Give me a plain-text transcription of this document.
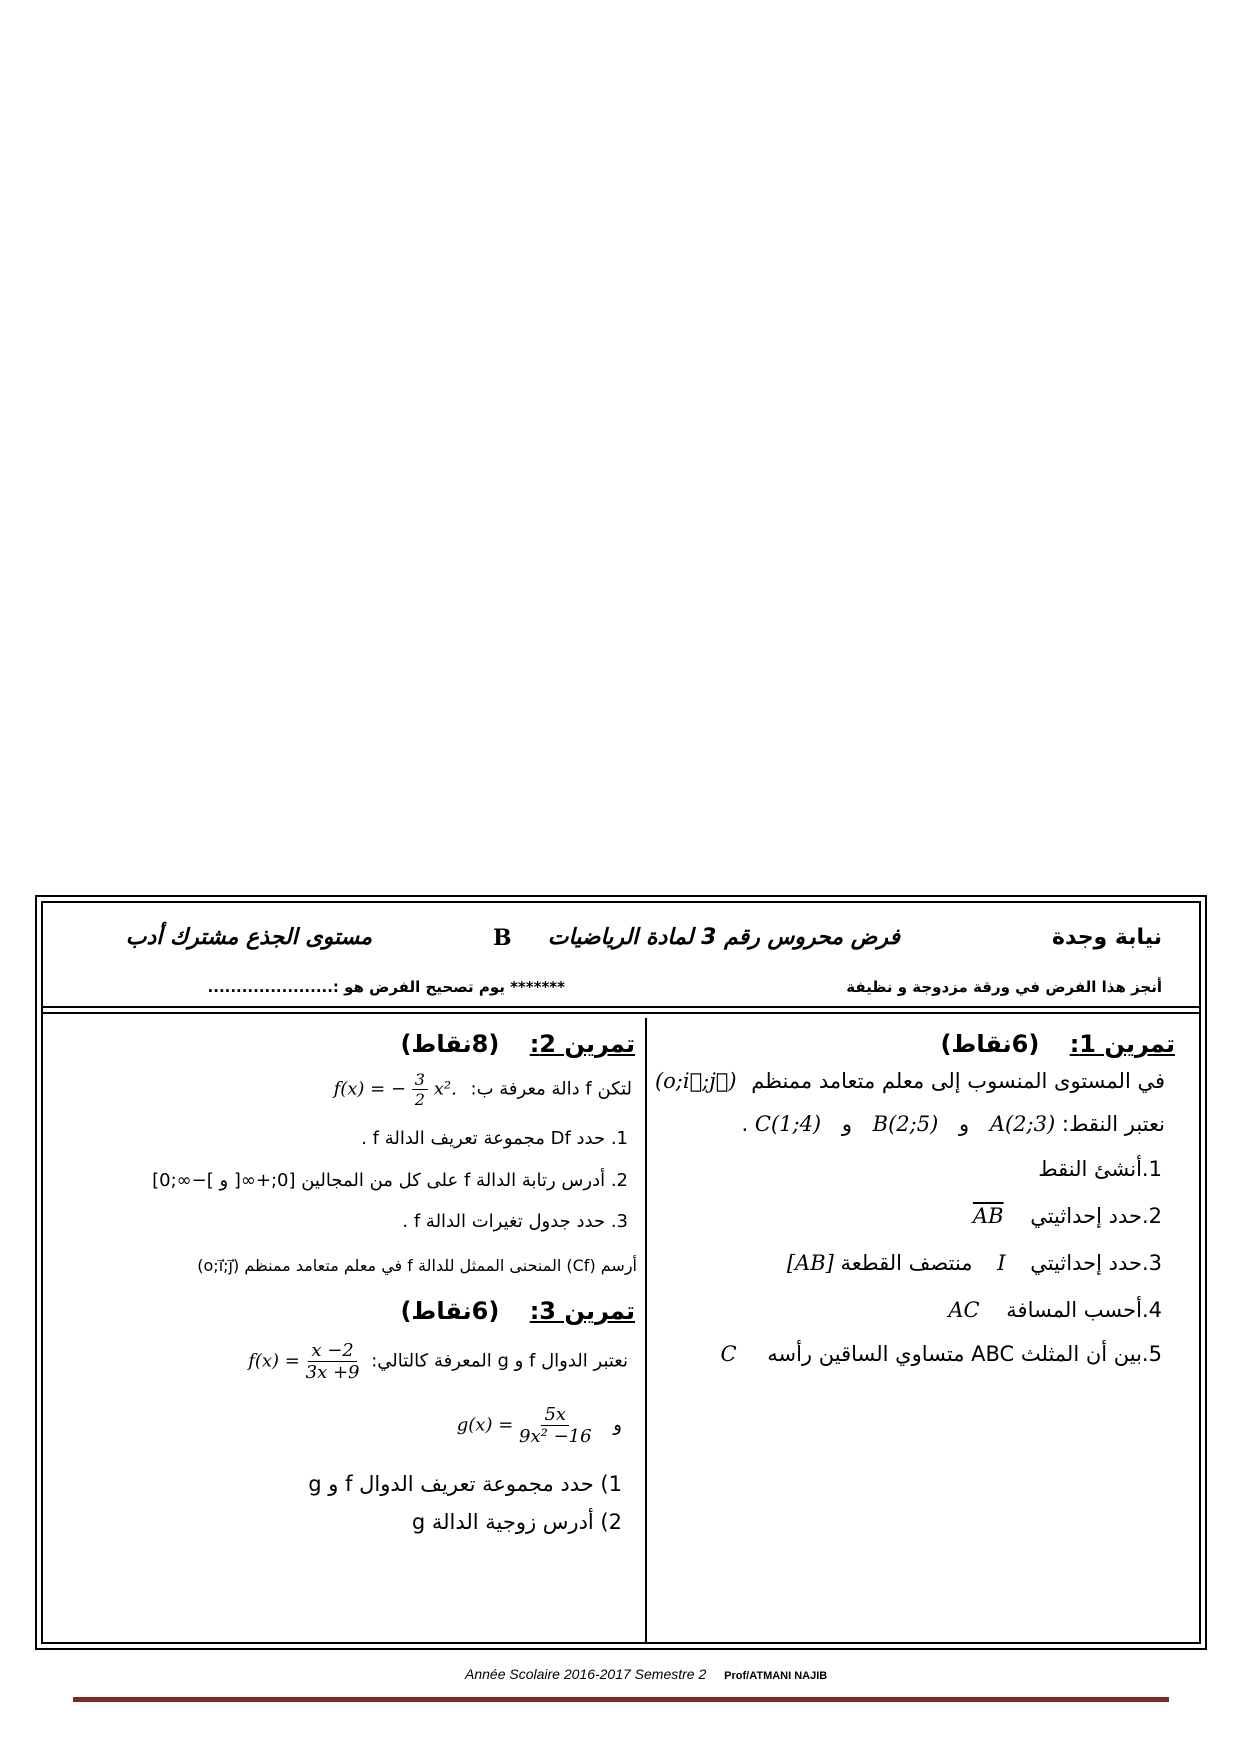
نيابة وجدة
فرض محروس رقم 3 لمادة الرياضيات
B
مستوى الجذع مشترك أدب
أنجز هذا الفرض في ورقة مزدوجة و نظيفة
******* يوم تصحيح الفرض هو :......................
تمرين 1: (6نقاط)
في المستوى المنسوب إلى معلم متعامد ممنظم (o;i⃗;j⃗)
نعتبر النقط: A(2;3) و B(2;5) و C(1;4) .
1.أنشئ النقط
2.حدد إحداثيتي $\overline{AB}$
3.حدد إحداثيتي I منتصف القطعة [AB]
4.أحسب المسافة AC
5.بين أن المثلث ABC متساوي الساقين رأسه C
تمرين 2: (8نقاط)
لتكن f دالة معرفة ب: f(x) = − $\frac{3}{2} x^2$.
1. حدد Df مجموعة تعريف الدالة f .
2. أدرس رتابة الدالة f على كل من المجالين [0;+∞[ و ]−∞;0]
3. حدد جدول تغيرات الدالة f .
أرسم (Cf) المنحنى الممثل للدالة f في معلم متعامد ممنظم (o;i⃗;j⃗)
تمرين 3: (6نقاط)
نعتبر الدوال f و g المعرفة كالتالي: $f(x) = \frac{x -2}{3x +9}$
و $g(x) = \frac{5x}{\text{9x² −16}}$
1) حدد مجموعة تعريف الدوال f و g
2) أدرس زوجية الدالة g
Année Scolaire 2016-2017 Semestre 2 Prof/ATMANI NAJIB
